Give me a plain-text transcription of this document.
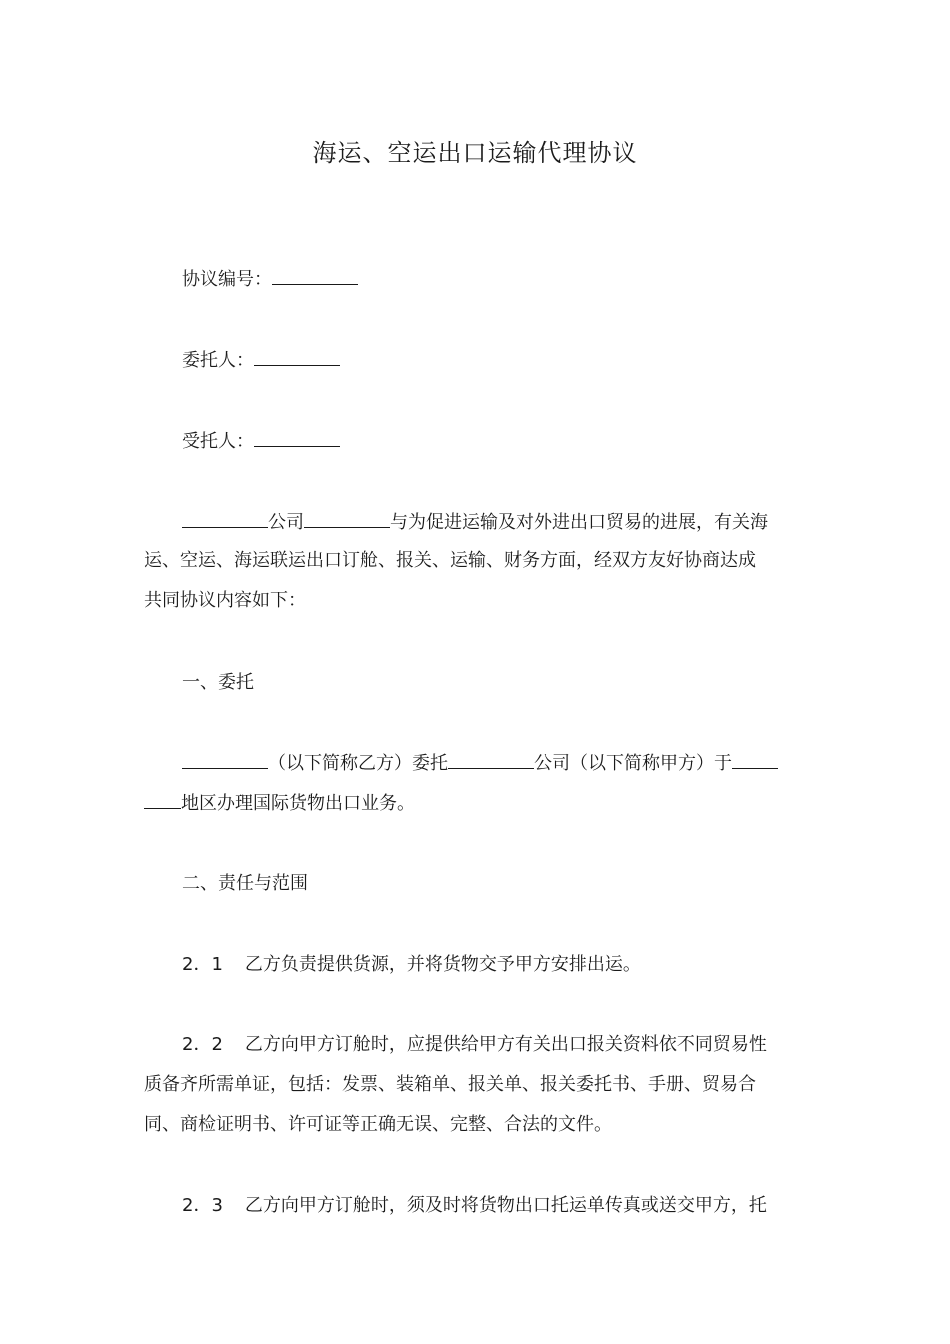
海运、空运出口运输代理协议
协议编号：
委托人：
受托人：
公司	与为促进运输及对外进出口贸易的进展，有关海
运、空运、海运联运出口订舱、报关、运输、财务方面，经双方友好协商达成
共同协议内容如下：
一、委托
（以下简称乙方）委托	公司（以下简称甲方）于
地区办理国际货物出口业务。
二、责任与范围
2．1 乙方负责提供货源，并将货物交予甲方安排出运。
2．2 乙方向甲方订舱时，应提供给甲方有关出口报关资料依不同贸易性
质备齐所需单证，包括：发票、装箱单、报关单、报关委托书、手册、贸易合
同、商检证明书、许可证等正确无误、完整、合法的文件。
2．3 乙方向甲方订舱时，须及时将货物出口托运单传真或送交甲方，托
